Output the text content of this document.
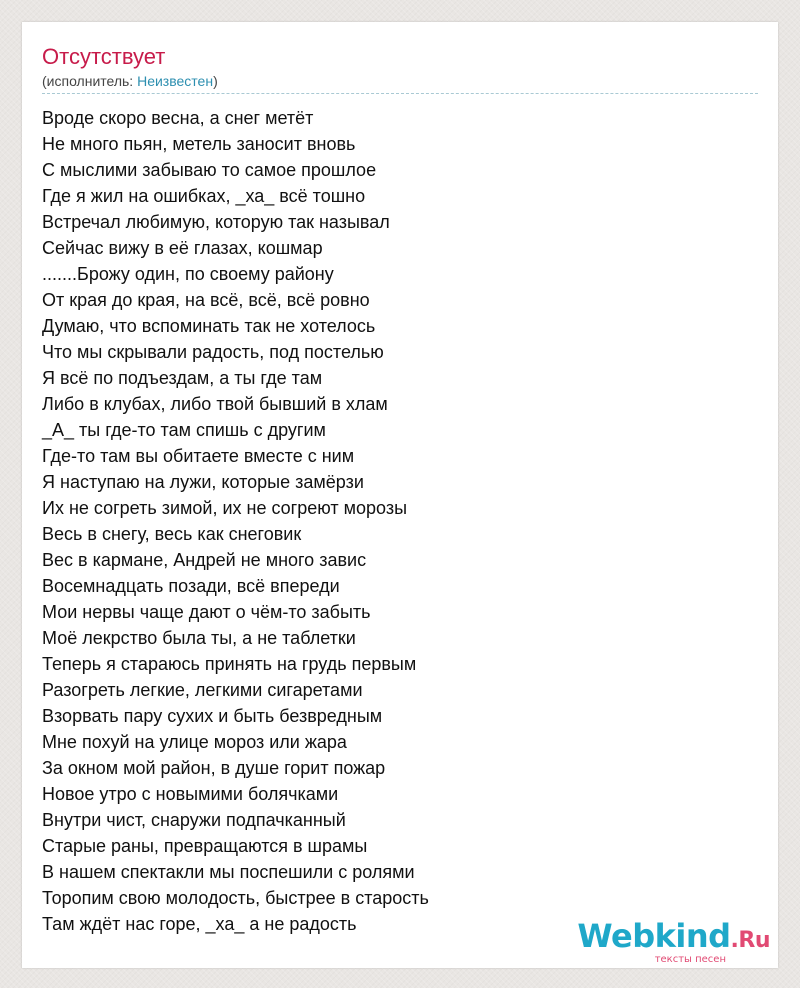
Отсутствует
(исполнитель: Неизвестен)
Вроде скоро весна, а снег метёт
Не много пьян, метель заносит вновь
С мыслими забываю то самое прошлое
Где я жил на ошибках, _ха_ всё тошно
Встречал любимую, которую так называл
Сейчас вижу в её глазах, кошмар
.......Брожу один, по своему району
От края до края, на всё, всё, всё ровно
Думаю, что вспоминать так не хотелось
Что мы скрывали радость, под постелью
Я всё по подъездам, а ты где там
Либо в клубах, либо твой бывший в хлам
_А_ ты где-то там спишь с другим
Где-то там вы обитаете вместе с ним
Я наступаю на лужи, которые замёрзи
Их не согреть зимой, их не согреют морозы
Весь в снегу, весь как снеговик
Вес в кармане, Андрей не много завис
Восемнадцать позади, всё впереди
Мои нервы чаще дают о чём-то забыть
Моё лекрство была ты, а не таблетки
Теперь я стараюсь принять на грудь первым
Разогреть легкие, легкими сигаретами
Взорвать пару сухих и быть безвредным
Мне похуй на улице мороз или жара
За окном мой район, в душе горит пожар
Новое утро с новымими болячками
Внутри чист, снаружи подпачканный
Старые раны, превращаются в шрамы
В нашем спектакли мы поспешили с ролями
Торопим свою молодость, быстрее в старость
Там ждёт нас горе, _ха_ а не радость	Webkind.Ru
тексты песен
